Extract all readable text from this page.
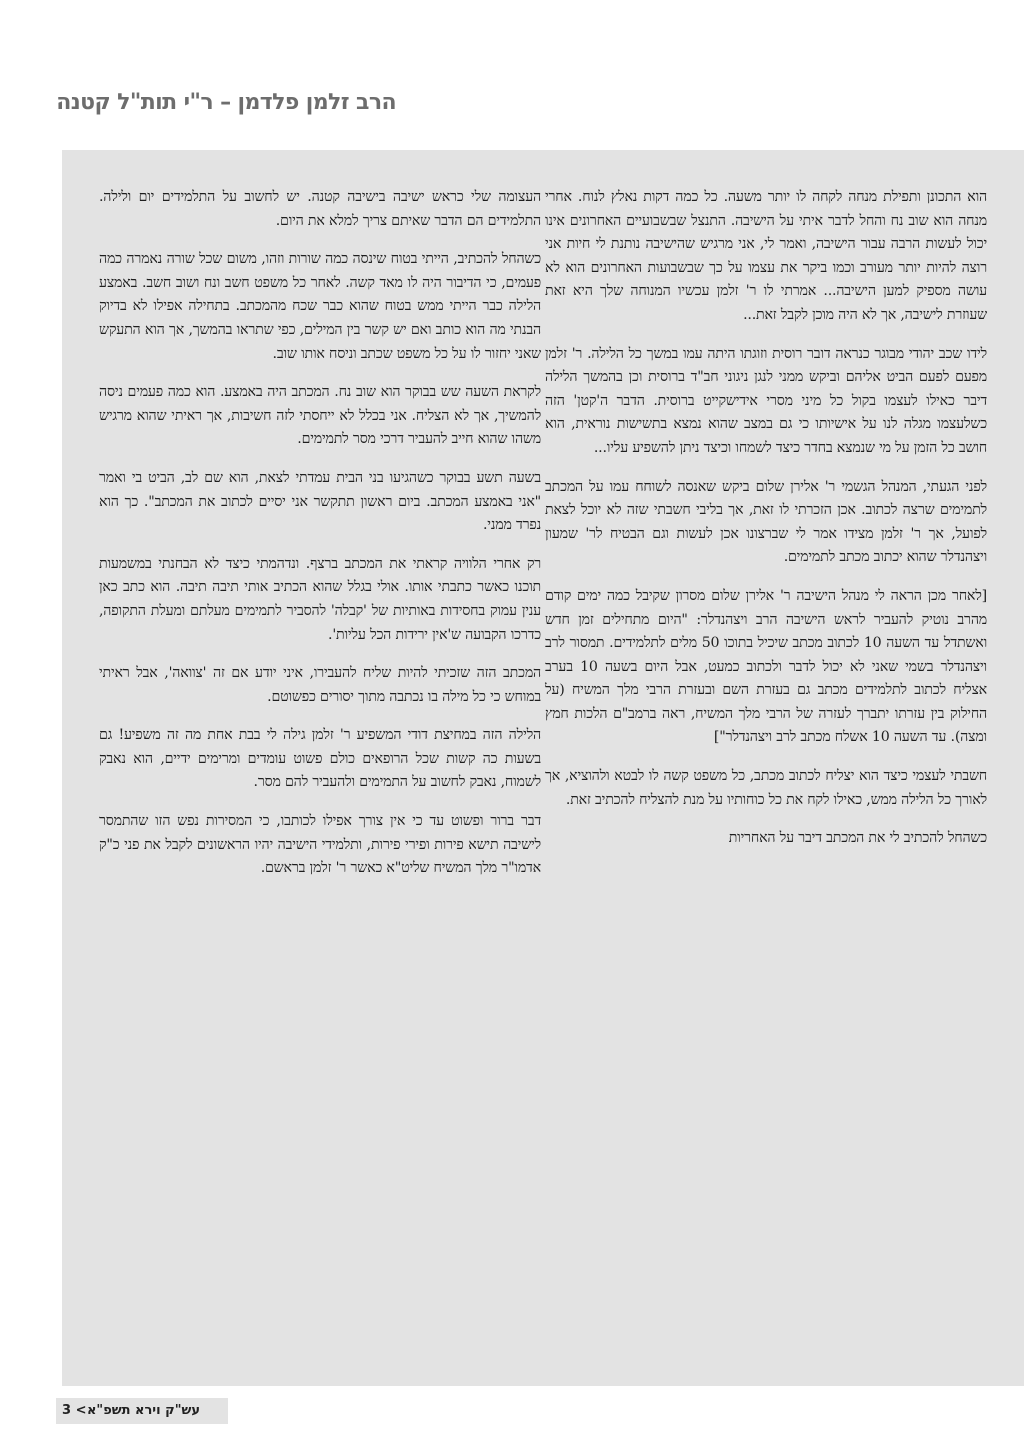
הרב זלמן פלדמן – ר"י תות"ל קטנה

הוא התכונן ותפילת מנחה לקחה לו יותר משעה. כל כמה דקות נאלץ לנוח. אחרי מנחה הוא שוב נח והחל לדבר איתי על הישיבה. התנצל שבשבועיים האחרונים אינו יכול לעשות הרבה עבור הישיבה, ואמר לי, אני מרגיש שהישיבה נותנת לי חיות אני רוצה להיות יותר מעורב וכמו ביקר את עצמו על כך שבשבועות האחרונים הוא לא עושה מספיק למען הישיבה... אמרתי לו ר' זלמן עכשיו המנוחה שלך היא זאת שעוזרת לישיבה, אך לא היה מוכן לקבל זאת...

לידו שכב יהודי מבוגר כנראה דובר רוסית וזוגתו היתה עמו במשך כל הלילה. ר' זלמן מפעם לפעם הביט אליהם וביקש ממני לנגן ניגוני חב"ד ברוסית וכן בהמשך הלילה דיבר כאילו לעצמו בקול כל מיני מסרי אידישקייט ברוסית. הדבר ה'קטן' הזה כשלעצמו מגלה לנו על אישיותו כי גם במצב שהוא נמצא בתשישות נוראית, הוא חושב כל הזמן על מי שנמצא בחדר כיצד לשמחו וכיצד ניתן להשפיע עליו...

לפני הגעתי, המנהל הגשמי ר' אלירן שלום ביקש שאנסה לשוחח עמו על המכתב לתמימים שרצה לכתוב. אכן הזכרתי לו זאת, אך בליבי חשבתי שזה לא יוכל לצאת לפועל, אך ר' זלמן מצידו אמר לי שברצונו אכן לעשות וגם הבטיח לר' שמעון ויצהנדלר שהוא יכתוב מכתב לתמימים.

[לאחר מכן הראה לי מנהל הישיבה ר' אלירן שלום מסרון שקיבל כמה ימים קודם מהרב נוטיק להעביר לראש הישיבה הרב ויצהנדלר: "היום מתחילים זמן חדש ואשתדל עד השעה 10 לכתוב מכתב שיכיל בתוכו 50 מלים לתלמידים. תמסור לרב ויצהנדלר בשמי שאני לא יכול לדבר ולכתוב כמעט, אבל היום בשעה 10 בערב אצליח לכתוב לתלמידים מכתב גם בעזרת השם ובעזרת הרבי מלך המשיח (על החילוק בין עזרתו יתברך לעזרה של הרבי מלך המשיח, ראה ברמב"ם הלכות חמץ ומצה). עד השעה 10 אשלח מכתב לרב ויצהנדלר"]

חשבתי לעצמי כיצד הוא יצליח לכתוב מכתב, כל משפט קשה לו לבטא ולהוציא, אך לאורך כל הלילה ממש, כאילו לקח את כל כוחותיו על מנת להצליח להכתיב זאת.

כשהחל להכתיב לי את המכתב דיבר על האחריות

העצומה שלי כראש ישיבה בישיבה קטנה. יש לחשוב על התלמידים יום ולילה. התלמידים הם הדבר שאיתם צריך למלא את היום.

כשהחל להכתיב, הייתי בטוח שינסה כמה שורות וזהו, משום שכל שורה נאמרה כמה פעמים, כי הדיבור היה לו מאד קשה. לאחר כל משפט חשב ונח ושוב חשב. באמצע הלילה כבר הייתי ממש בטוח שהוא כבר שכח מהמכתב. בתחילה אפילו לא בדיוק הבנתי מה הוא כותב ואם יש קשר בין המילים, כפי שתראו בהמשך, אך הוא התעקש שאני יחזור לו על כל משפט שכתב וניסח אותו שוב.

לקראת השעה שש בבוקר הוא שוב נח. המכתב היה באמצע. הוא כמה פעמים ניסה להמשיך, אך לא הצליח. אני בכלל לא ייחסתי לזה חשיבות, אך ראיתי שהוא מרגיש משהו שהוא חייב להעביר דרכי מסר לתמימים.

בשעה תשע בבוקר כשהגיעו בני הבית עמדתי לצאת, הוא שם לב, הביט בי ואמר "אני באמצע המכתב. ביום ראשון תתקשר אני יסיים לכתוב את המכתב". כך הוא נפרד ממני.

רק אחרי הלוויה קראתי את המכתב ברצף. ונדהמתי כיצד לא הבחנתי במשמעות תוכנו כאשר כתבתי אותו. אולי בגלל שהוא הכתיב אותי תיבה תיבה. הוא כתב כאן ענין עמוק בחסידות באותיות של 'קבלה' להסביר לתמימים מעלתם ומעלת התקופה, כדרכו הקבועה ש'אין ירידות הכל עליות'.

המכתב הזה שזכיתי להיות שליח להעבירו, איני יודע אם זה 'צוואה', אבל ראיתי במוחש כי כל מילה בו נכתבה מתוך יסורים כפשוטם.

הלילה הזה במחיצת דודי המשפיע ר' זלמן גילה לי בבת אחת מה זה משפיע! גם בשעות כה קשות שכל הרופאים כולם פשוט עומדים ומרימים ידיים, הוא נאבק לשמוח, נאבק לחשוב על התמימים ולהעביר להם מסר.

דבר ברור ופשוט עד כי אין צורך אפילו לכותבו, כי המסירות נפש הזו שהתמסר לישיבה תישא פירות ופירי פירות, ותלמידי הישיבה יהיו הראשונים לקבל את פני כ"ק אדמו"ר מלך המשיח שליט"א כאשר ר' זלמן בראשם.

עש"ק וירא תשפ"א
3 <
